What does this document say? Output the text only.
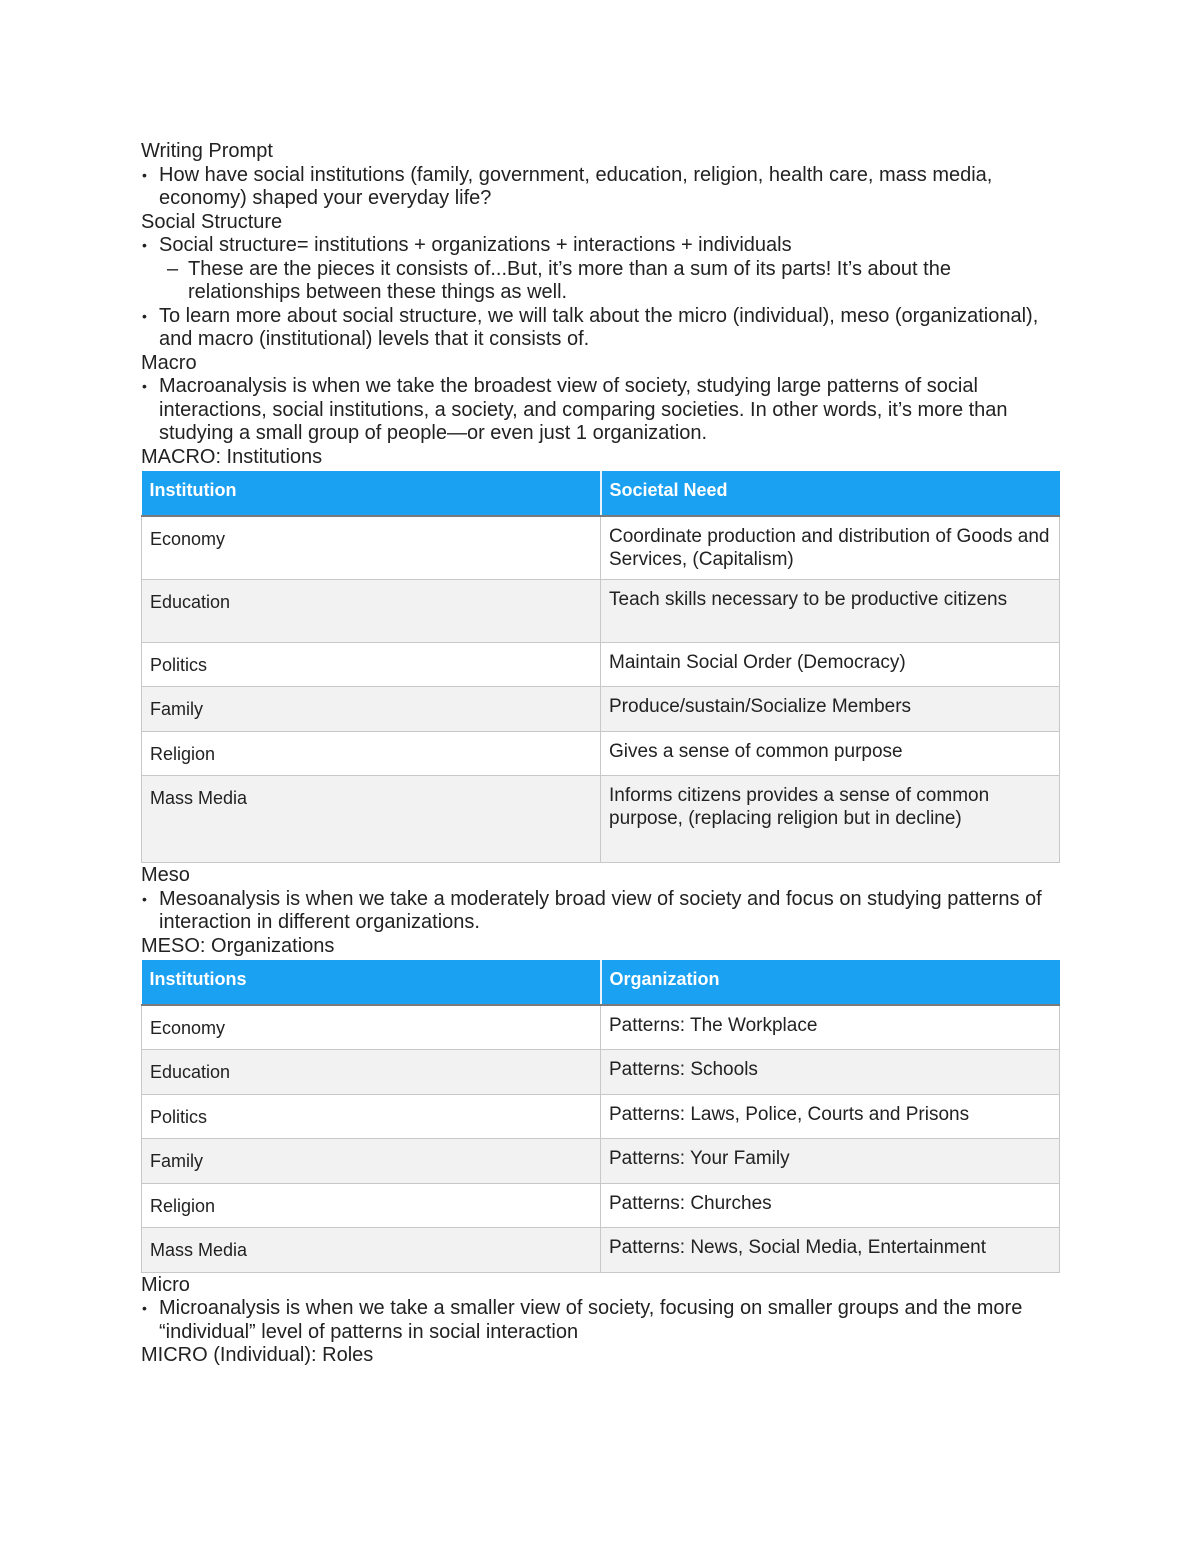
Writing Prompt

• How have social institutions (family, government, education, religion, health care, mass media, economy) shaped your everyday life?

Social Structure

• Social structure= institutions + organizations + interactions + individuals
– These are the pieces it consists of...But, it’s more than a sum of its parts! It’s about the relationships between these things as well.
• To learn more about social structure, we will talk about the micro (individual), meso (organizational), and macro (institutional) levels that it consists of.

Macro

• Macroanalysis is when we take the broadest view of society, studying large patterns of social interactions, social institutions, a society, and comparing societies. In other words, it’s more than studying a small group of people—or even just 1 organization.

MACRO: Institutions

Institution	Societal Need
Economy	Coordinate production and distribution of Goods and Services, (Capitalism)
Education	Teach skills necessary to be productive citizens
Politics	Maintain Social Order (Democracy)
Family	Produce/sustain/Socialize Members
Religion	Gives a sense of common purpose
Mass Media	Informs citizens provides a sense of common purpose, (replacing religion but in decline)

Meso

• Mesoanalysis is when we take a moderately broad view of society and focus on studying patterns of interaction in different organizations.

MESO: Organizations

Institutions	Organization
Economy	Patterns: The Workplace
Education	Patterns: Schools
Politics	Patterns: Laws, Police, Courts and Prisons
Family	Patterns: Your Family
Religion	Patterns: Churches
Mass Media	Patterns: News, Social Media, Entertainment

Micro

• Microanalysis is when we take a smaller view of society, focusing on smaller groups and the more “individual” level of patterns in social interaction

MICRO (Individual): Roles
